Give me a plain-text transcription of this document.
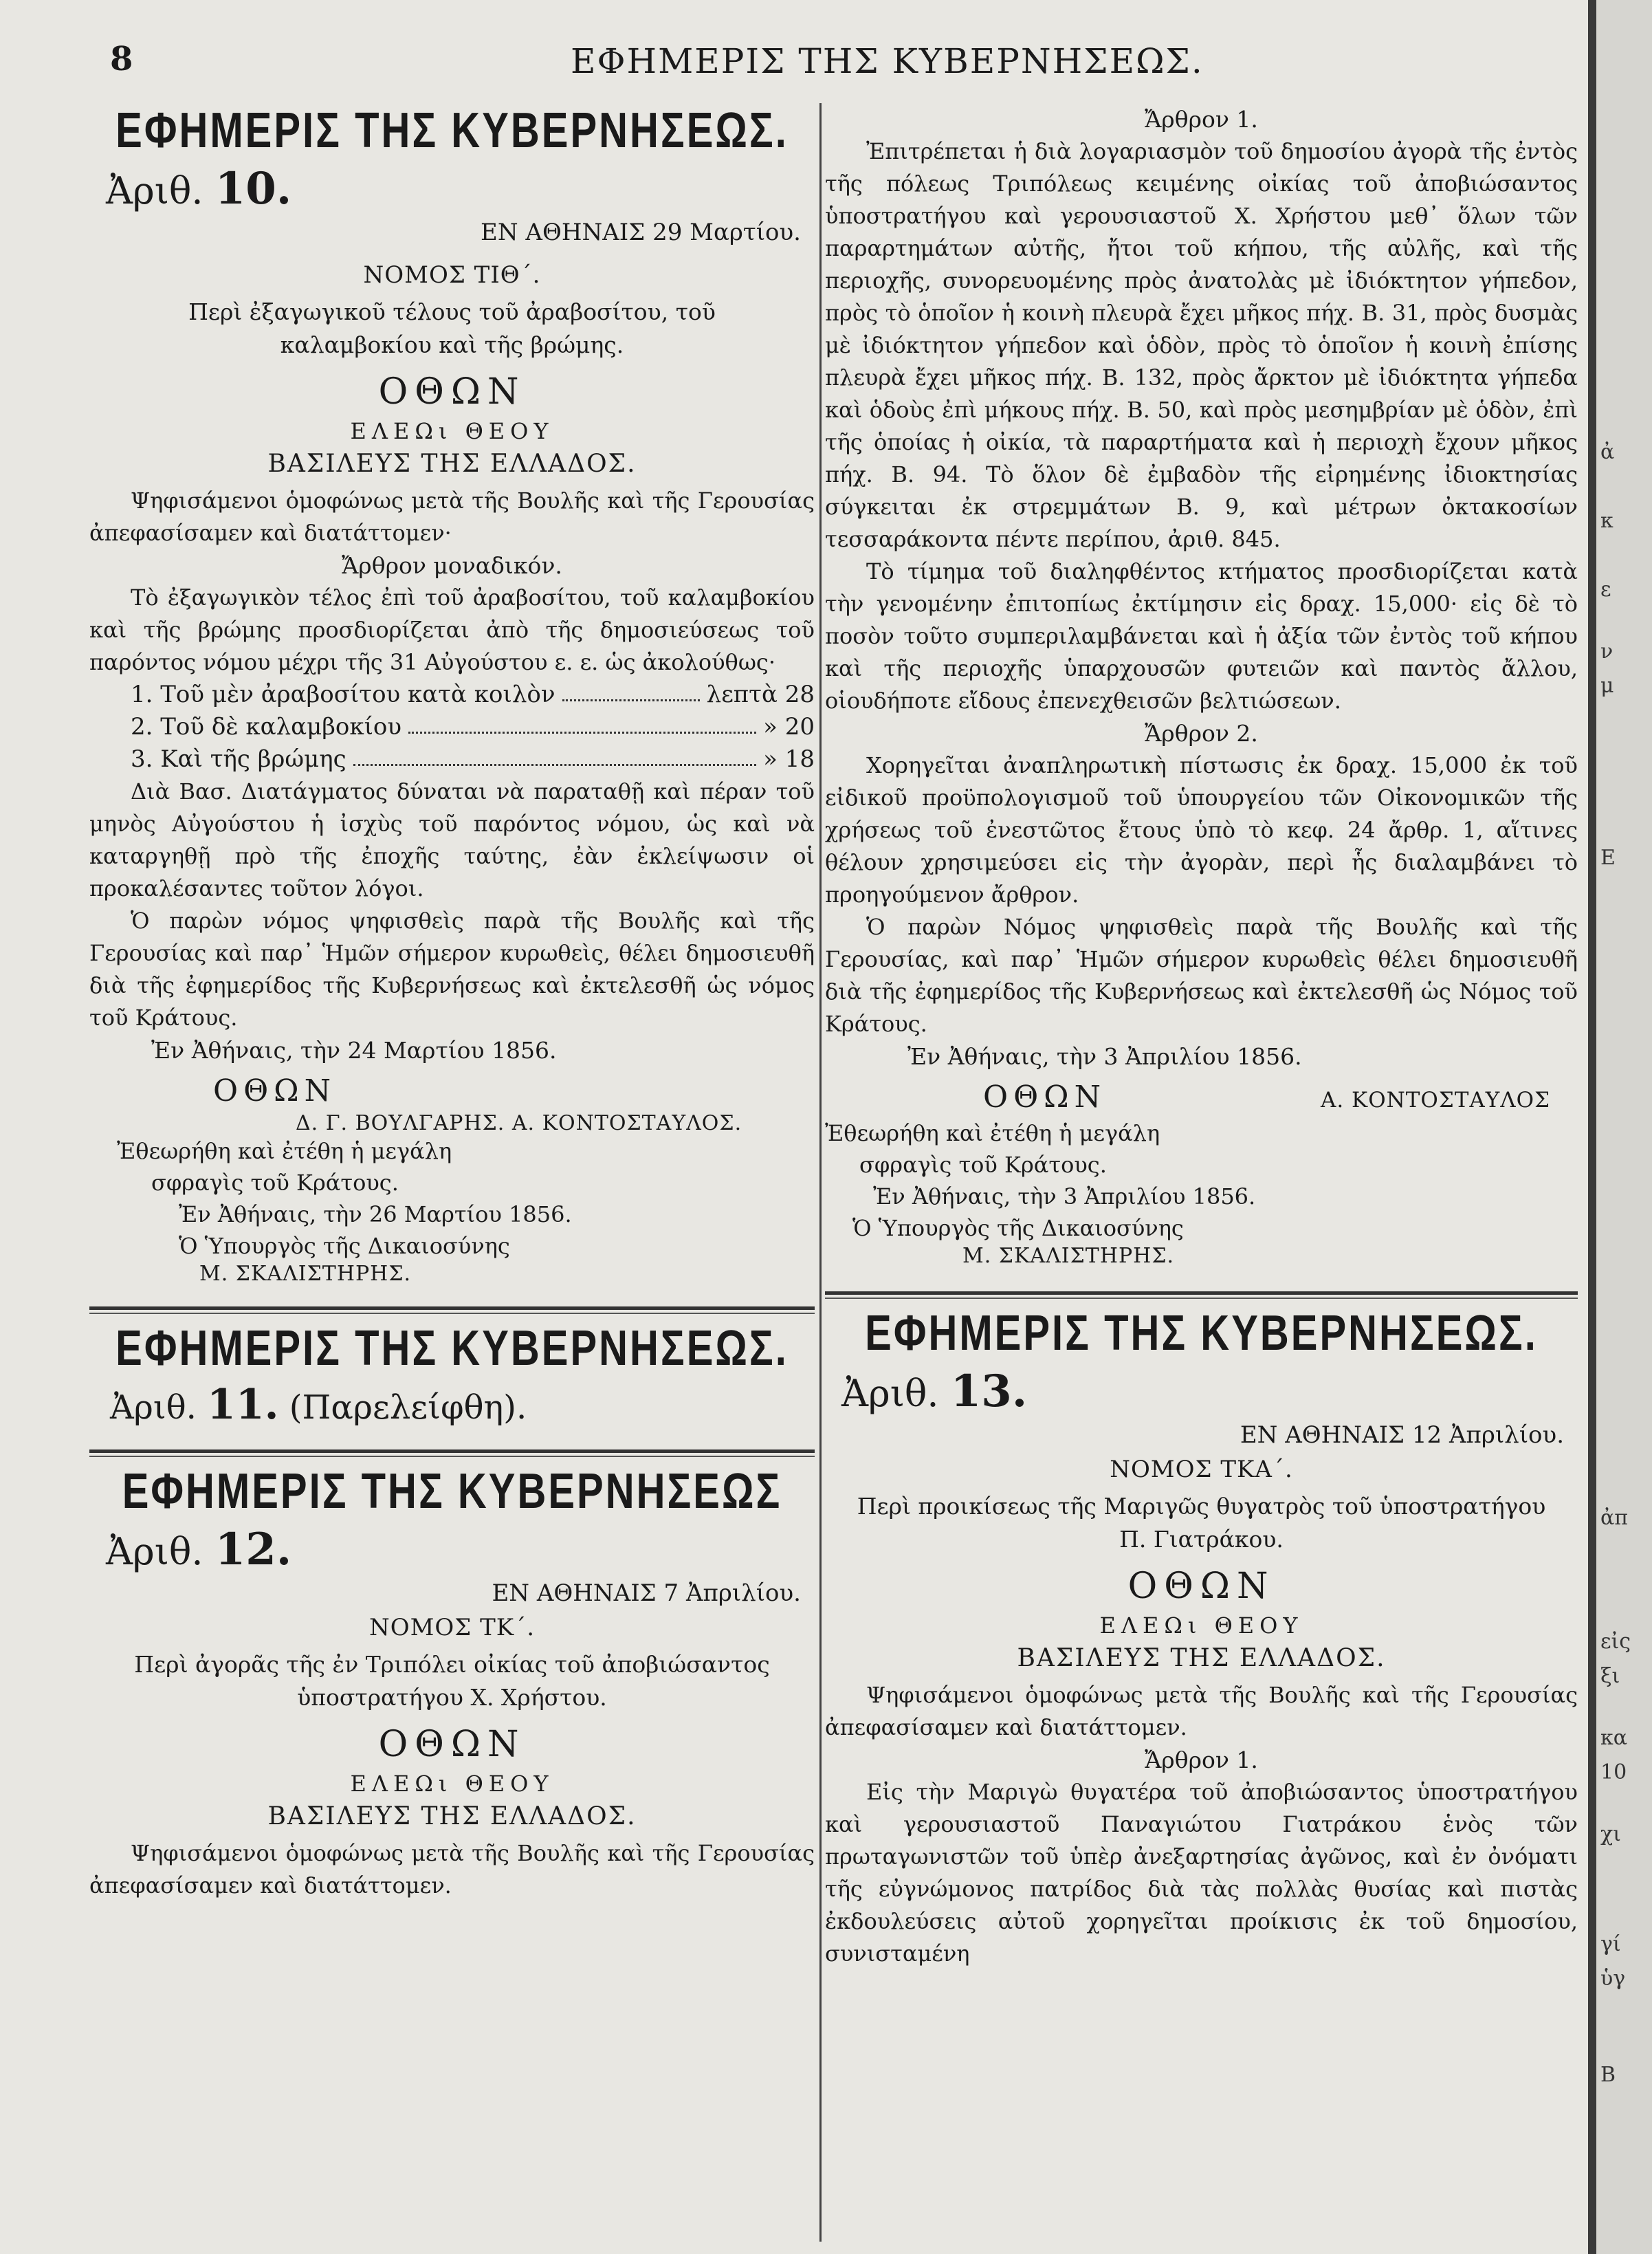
8	ΕΦΗΜΕΡΙΣ ΤΗΣ ΚΥΒΕΡΝΗΣΕΩΣ.
ΕΦΗΜΕΡΙΣ ΤΗΣ ΚΥΒΕΡΝΗΣΕΩΣ.
Ἀριθ. 10.
ΕΝ ΑΘΗΝΑΙΣ 29 Μαρτίου.
ΝΟΜΟΣ ΤΙΘ΄.
Περὶ ἐξαγωγικοῦ τέλους τοῦ ἀραβοσίτου, τοῦ καλαμβοκίου καὶ τῆς βρώμης.
ΟΘΩΝ
ΕΛΕΩι ΘΕΟΥ
ΒΑΣΙΛΕΥΣ ΤΗΣ ΕΛΛΑΔΟΣ.

Ψηφισάμενοι ὁμοφώνως μετὰ τῆς Βουλῆς καὶ τῆς Γερουσίας ἀπεφασίσαμεν καὶ διατάττομεν·

Ἄρθρον μοναδικόν.

Τὸ ἐξαγωγικὸν τέλος ἐπὶ τοῦ ἀραβοσίτου, τοῦ καλαμβοκίου καὶ τῆς βρώμης προσδιορίζεται ἀπὸ τῆς δημοσιεύσεως τοῦ παρόντος νόμου μέχρι τῆς 31 Αὐγούστου ε. ε. ὡς ἀκολούθως·

1. Τοῦ μὲν ἀραβοσίτου κατὰ κοιλὸν	λεπτὰ 28
2. Τοῦ δὲ καλαμβοκίου	» 20
3. Καὶ τῆς βρώμης	» 18

Διὰ Βασ. Διατάγματος δύναται νὰ παραταθῇ καὶ πέραν τοῦ μηνὸς Αὐγούστου ἡ ἰσχὺς τοῦ παρόντος νόμου, ὡς καὶ νὰ καταργηθῇ πρὸ τῆς ἐποχῆς ταύτης, ἐὰν ἐκλείψωσιν οἱ προκαλέσαντες τοῦτον λόγοι.

Ὁ παρὼν νόμος ψηφισθεὶς παρὰ τῆς Βουλῆς καὶ τῆς Γερουσίας καὶ παρ᾿ Ἡμῶν σήμερον κυρωθεὶς, θέλει δημοσιευθῆ διὰ τῆς ἐφημερίδος τῆς Κυβερνήσεως καὶ ἐκτελεσθῆ ὡς νόμος τοῦ Κράτους.

Ἐν Ἀθήναις, τὴν 24 Μαρτίου 1856.
ΟΘΩΝ
Δ. Γ. ΒΟΥΛΓΑΡΗΣ. Α. ΚΟΝΤΟΣΤΑΥΛΟΣ.
Ἐθεωρήθη καὶ ἐτέθη ἡ μεγάλη
σφραγὶς τοῦ Κράτους.
Ἐν Ἀθήναις, τὴν 26 Μαρτίου 1856.
Ὁ Ὑπουργὸς τῆς Δικαιοσύνης
Μ. ΣΚΑΛΙΣΤΗΡΗΣ.
ΕΦΗΜΕΡΙΣ ΤΗΣ ΚΥΒΕΡΝΗΣΕΩΣ.
Ἀριθ. 11. (Παρελείφθη).
ΕΦΗΜΕΡΙΣ ΤΗΣ ΚΥΒΕΡΝΗΣΕΩΣ
Ἀριθ. 12.
ΕΝ ΑΘΗΝΑΙΣ 7 Ἀπριλίου.
ΝΟΜΟΣ ΤΚ΄.
Περὶ ἀγορᾶς τῆς ἐν Τριπόλει οἰκίας τοῦ ἀποβιώσαντος ὑποστρατήγου Χ. Χρήστου.
ΟΘΩΝ
ΕΛΕΩι ΘΕΟΥ
ΒΑΣΙΛΕΥΣ ΤΗΣ ΕΛΛΑΔΟΣ.

Ψηφισάμενοι ὁμοφώνως μετὰ τῆς Βουλῆς καὶ τῆς Γερουσίας ἀπεφασίσαμεν καὶ διατάττομεν.

Ἄρθρον 1.

Ἐπιτρέπεται ἡ διὰ λογαριασμὸν τοῦ δημοσίου ἀγορὰ τῆς ἐντὸς τῆς πόλεως Τριπόλεως κειμένης οἰκίας τοῦ ἀποβιώσαντος ὑποστρατήγου καὶ γερουσιαστοῦ Χ. Χρήστου μεθ᾿ ὅλων τῶν παραρτημάτων αὐτῆς, ἤτοι τοῦ κήπου, τῆς αὐλῆς, καὶ τῆς περιοχῆς, συνορευομένης πρὸς ἀνατολὰς μὲ ἰδιόκτητον γήπεδον, πρὸς τὸ ὁποῖον ἡ κοινὴ πλευρὰ ἔχει μῆκος πήχ. Β. 31, πρὸς δυσμὰς μὲ ἰδιόκτητον γήπεδον καὶ ὁδὸν, πρὸς τὸ ὁποῖον ἡ κοινὴ ἐπίσης πλευρὰ ἔχει μῆκος πήχ. Β. 132, πρὸς ἄρκτον μὲ ἰδιόκτητα γήπεδα καὶ ὁδοὺς ἐπὶ μήκους πήχ. Β. 50, καὶ πρὸς μεσημβρίαν μὲ ὁδὸν, ἐπὶ τῆς ὁποίας ἡ οἰκία, τὰ παραρτήματα καὶ ἡ περιοχὴ ἔχουν μῆκος πήχ. Β. 94. Τὸ ὅλον δὲ ἐμβαδὸν τῆς εἰρημένης ἰδιοκτησίας σύγκειται ἐκ στρεμμάτων Β. 9, καὶ μέτρων ὀκτακοσίων τεσσαράκοντα πέντε περίπου, ἀριθ. 845.

Τὸ τίμημα τοῦ διαληφθέντος κτήματος προσδιορίζεται κατὰ τὴν γενομένην ἐπιτοπίως ἐκτίμησιν εἰς δραχ. 15,000· εἰς δὲ τὸ ποσὸν τοῦτο συμπεριλαμβάνεται καὶ ἡ ἀξία τῶν ἐντὸς τοῦ κήπου καὶ τῆς περιοχῆς ὑπαρχουσῶν φυτειῶν καὶ παντὸς ἄλλου, οἱουδήποτε εἴδους ἐπενεχθεισῶν βελτιώσεων.

Ἄρθρον 2.

Χορηγεῖται ἀναπληρωτικὴ πίστωσις ἐκ δραχ. 15,000 ἐκ τοῦ εἰδικοῦ προϋπολογισμοῦ τοῦ ὑπουργείου τῶν Οἰκονομικῶν τῆς χρήσεως τοῦ ἐνεστῶτος ἔτους ὑπὸ τὸ κεφ. 24 ἄρθρ. 1, αἵτινες θέλουν χρησιμεύσει εἰς τὴν ἀγορὰν, περὶ ἧς διαλαμβάνει τὸ προηγούμενον ἄρθρον.

Ὁ παρὼν Νόμος ψηφισθεὶς παρὰ τῆς Βουλῆς καὶ τῆς Γερουσίας, καὶ παρ᾿ Ἡμῶν σήμερον κυρωθεὶς θέλει δημοσιευθῆ διὰ τῆς ἐφημερίδος τῆς Κυβερνήσεως καὶ ἐκτελεσθῆ ὡς Νόμος τοῦ Κράτους.

Ἐν Ἀθήναις, τὴν 3 Ἀπριλίου 1856.
ΟΘΩΝ	Α. ΚΟΝΤΟΣΤΑΥΛΟΣ
Ἐθεωρήθη καὶ ἐτέθη ἡ μεγάλη
σφραγὶς τοῦ Κράτους.
Ἐν Ἀθήναις, τὴν 3 Ἀπριλίου 1856.
Ὁ Ὑπουργὸς τῆς Δικαιοσύνης
Μ. ΣΚΑΛΙΣΤΗΡΗΣ.
ΕΦΗΜΕΡΙΣ ΤΗΣ ΚΥΒΕΡΝΗΣΕΩΣ.
Ἀριθ. 13.
ΕΝ ΑΘΗΝΑΙΣ 12 Ἀπριλίου.
ΝΟΜΟΣ ΤΚΑ΄.
Περὶ προικίσεως τῆς Μαριγῶς θυγατρὸς τοῦ ὑποστρατήγου Π. Γιατράκου.
ΟΘΩΝ
ΕΛΕΩι ΘΕΟΥ
ΒΑΣΙΛΕΥΣ ΤΗΣ ΕΛΛΑΔΟΣ.

Ψηφισάμενοι ὁμοφώνως μετὰ τῆς Βουλῆς καὶ τῆς Γερουσίας ἀπεφασίσαμεν καὶ διατάττομεν.

Ἄρθρον 1.

Εἰς τὴν Μαριγὼ θυγατέρα τοῦ ἀποβιώσαντος ὑποστρατήγου καὶ γερουσιαστοῦ Παναγιώτου Γιατράκου ἑνὸς τῶν πρωταγωνιστῶν τοῦ ὑπὲρ ἀνεξαρτησίας ἀγῶνος, καὶ ἐν ὀνόματι τῆς εὐγνώμονος πατρίδος διὰ τὰς πολλὰς θυσίας καὶ πιστὰς ἐκδουλεύσεις αὐτοῦ χορηγεῖται προίκισις ἐκ τοῦ δημοσίου, συνισταμένη

ἀ
κ
ε
ν
μ
Ε
ἀπ
εἰς
ξι
κα
10
χι
γί
ὑγ
Β
